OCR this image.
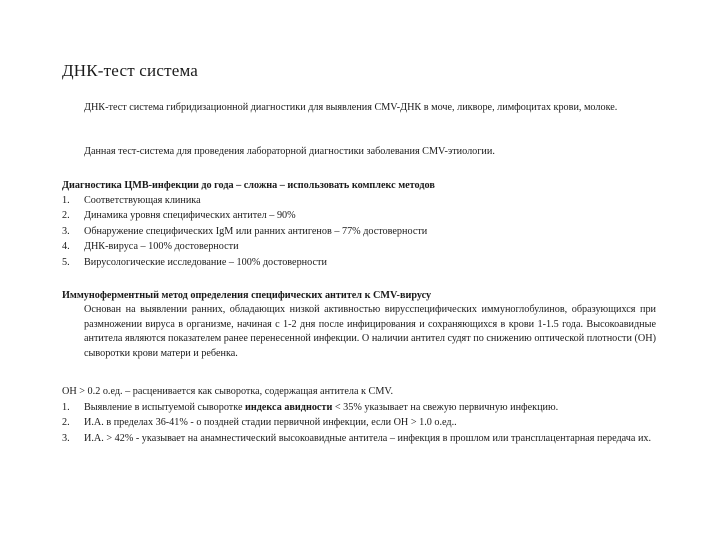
ДНК-тест система
ДНК-тест система гибридизационной диагностики для выявления CMV-ДНК в моче, ликворе, лимфоцитах крови, молоке.
Данная тест-система для проведения лабораторной диагностики заболевания CMV-этиологии.
Диагностика ЦМВ-инфекции до года – сложна – использовать комплекс методов
1. Соответствующая клиника
2. Динамика уровня специфических антител – 90%
3. Обнаружение специфических IgM или ранних антигенов – 77% достоверности
4. ДНК-вируса – 100% достоверности
5. Вирусологические исследование – 100% достоверности
Иммуноферментный метод определения специфических антител к CMV-вирусу
Основан на выявлении ранних, обладающих низкой активностью вирусспецифических иммуноглобулинов, образующихся при размножении вируса в организме, начиная с 1-2 дня после инфицирования и сохраняющихся в крови 1-1.5 года. Высокоавидные антитела являются показателем ранее перенесенной инфекции. О наличии антител судят по снижению оптической плотности (ОН) сыворотки крови матери и ребенка.
ОН > 0.2 о.ед. – расценивается как сыворотка, содержащая антитела к CMV.
1. Выявление в испытуемой сыворотке индекса авидности < 35% указывает на свежую первичную инфекцию.
2. И.А. в пределах 36-41% - о поздней стадии первичной инфекции, если ОН > 1.0 о.ед..
3. И.А. > 42% - указывает на анамнестический высокоавидные антитела – инфекция в прошлом или трансплацентарная передача их.
